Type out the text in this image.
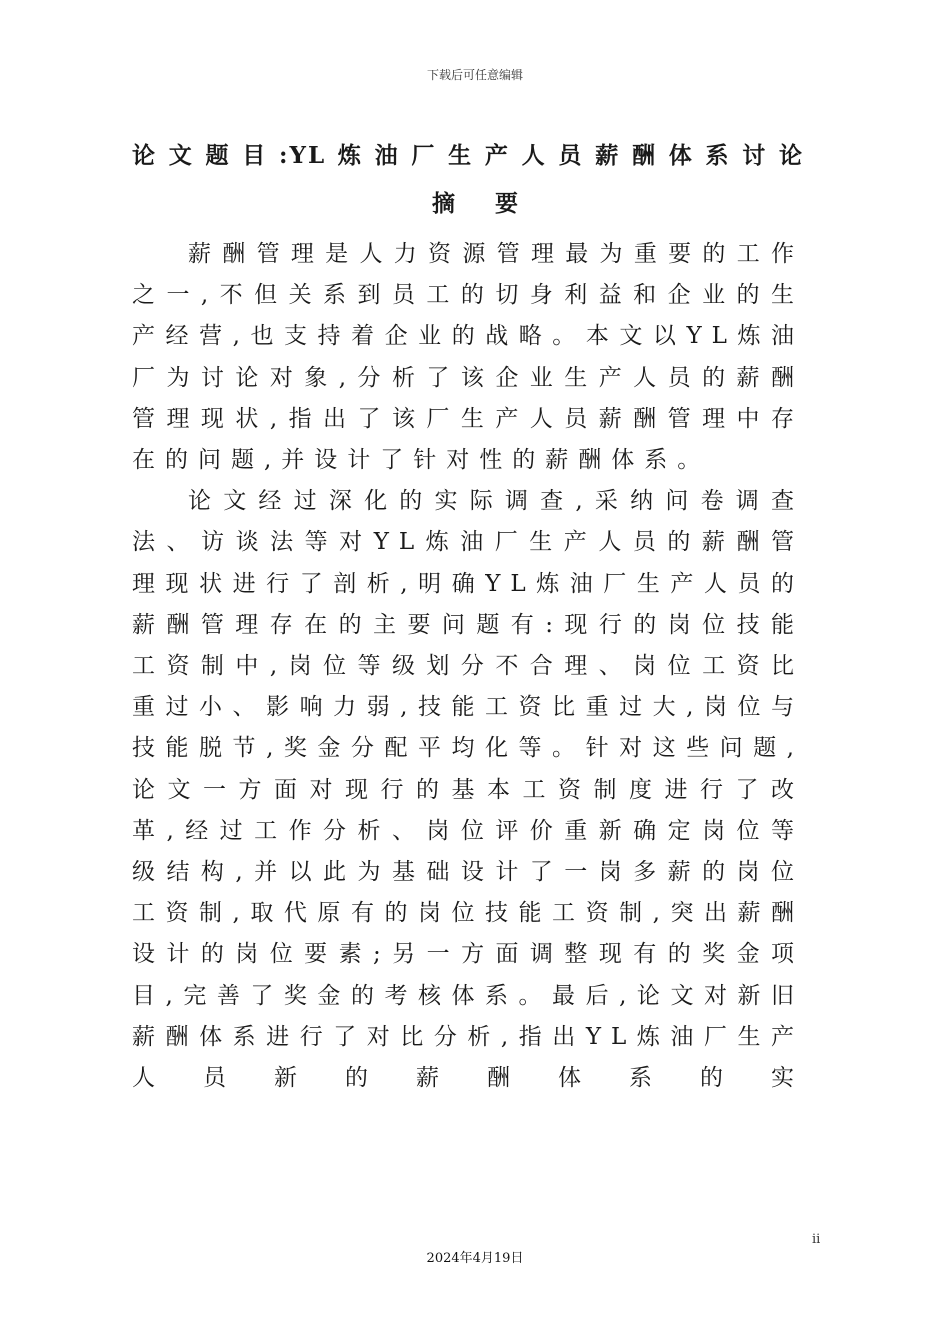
下载后可任意编辑
论文题目:YL炼油厂生产人员薪酬体系讨论
摘要

薪酬管理是人力资源管理最为重要的工作之一,不但关系到员工的切身利益和企业的生产经营,也支持着企业的战略。本文以YL炼油厂为讨论对象,分析了该企业生产人员的薪酬管理现状,指出了该厂生产人员薪酬管理中存在的问题,并设计了针对性的薪酬体系。

论文经过深化的实际调查,采纳问卷调查法、访谈法等对YL炼油厂生产人员的薪酬管理现状进行了剖析,明确YL炼油厂生产人员的薪酬管理存在的主要问题有:现行的岗位技能工资制中,岗位等级划分不合理、岗位工资比重过小、影响力弱,技能工资比重过大,岗位与技能脱节,奖金分配平均化等。针对这些问题,论文一方面对现行的基本工资制度进行了改革,经过工作分析、岗位评价重新确定岗位等级结构,并以此为基础设计了一岗多薪的岗位工资制,取代原有的岗位技能工资制,突出薪酬设计的岗位要素;另一方面调整现有的奖金项目,完善了奖金的考核体系。最后,论文对新旧薪酬体系进行了对比分析,指出YL炼油厂生产人员新的薪酬体系的实

ii
2024年4月19日
